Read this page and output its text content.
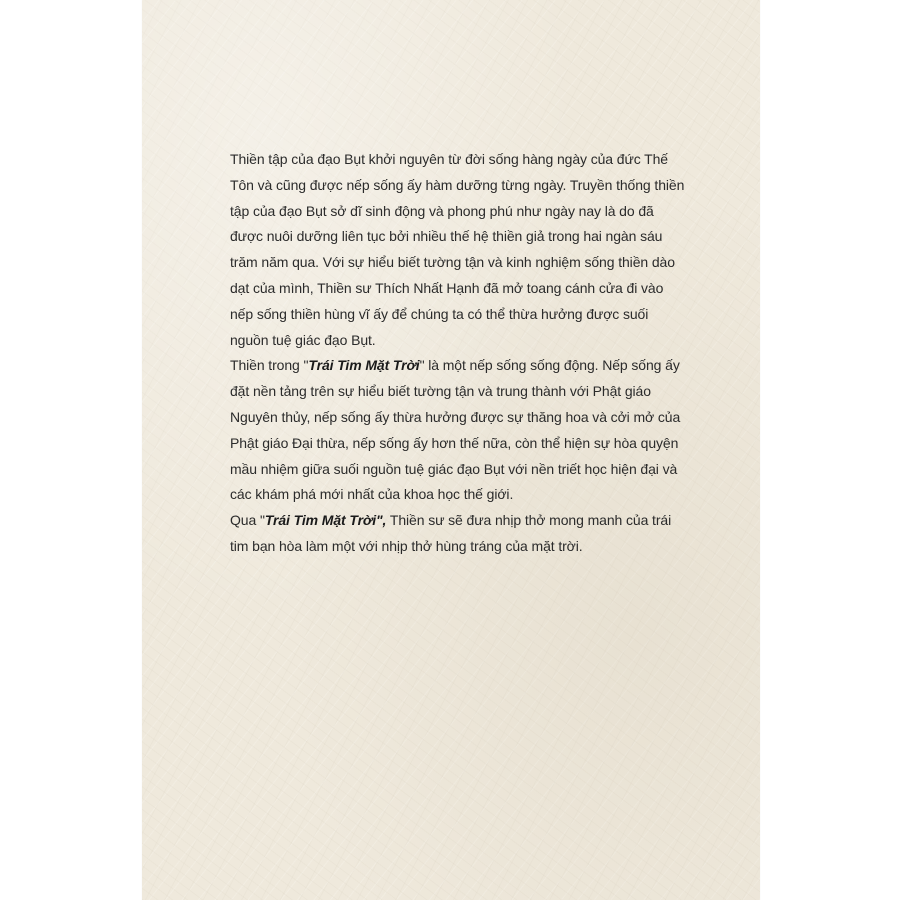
Thiền tập của đạo Bụt khởi nguyên từ đời sống hàng ngày của đức Thế Tôn và cũng được nếp sống ấy hàm dưỡng từng ngày. Truyền thống thiền tập của đạo Bụt sở dĩ sinh động và phong phú như ngày nay là do đã được nuôi dưỡng liên tục bởi nhiều thế hệ thiền giả trong hai ngàn sáu trăm năm qua. Với sự hiểu biết tường tận và kinh nghiệm sống thiền dào dạt của mình, Thiền sư Thích Nhất Hạnh đã mở toang cánh cửa đi vào nếp sống thiền hùng vĩ ấy để chúng ta có thể thừa hưởng được suối nguồn tuệ giác đạo Bụt.

Thiền trong "Trái Tim Mặt Trời" là một nếp sống sống động. Nếp sống ấy đặt nền tảng trên sự hiểu biết tường tận và trung thành với Phật giáo Nguyên thủy, nếp sống ấy thừa hưởng được sự thăng hoa và cởi mở của Phật giáo Đại thừa, nếp sống ấy hơn thế nữa, còn thể hiện sự hòa quyện mầu nhiệm giữa suối nguồn tuệ giác đạo Bụt với nền triết học hiện đại và các khám phá mới nhất của khoa học thế giới.

Qua "Trái Tim Mặt Trời", Thiền sư sẽ đưa nhịp thở mong manh của trái tim bạn hòa làm một với nhịp thở hùng tráng của mặt trời.
